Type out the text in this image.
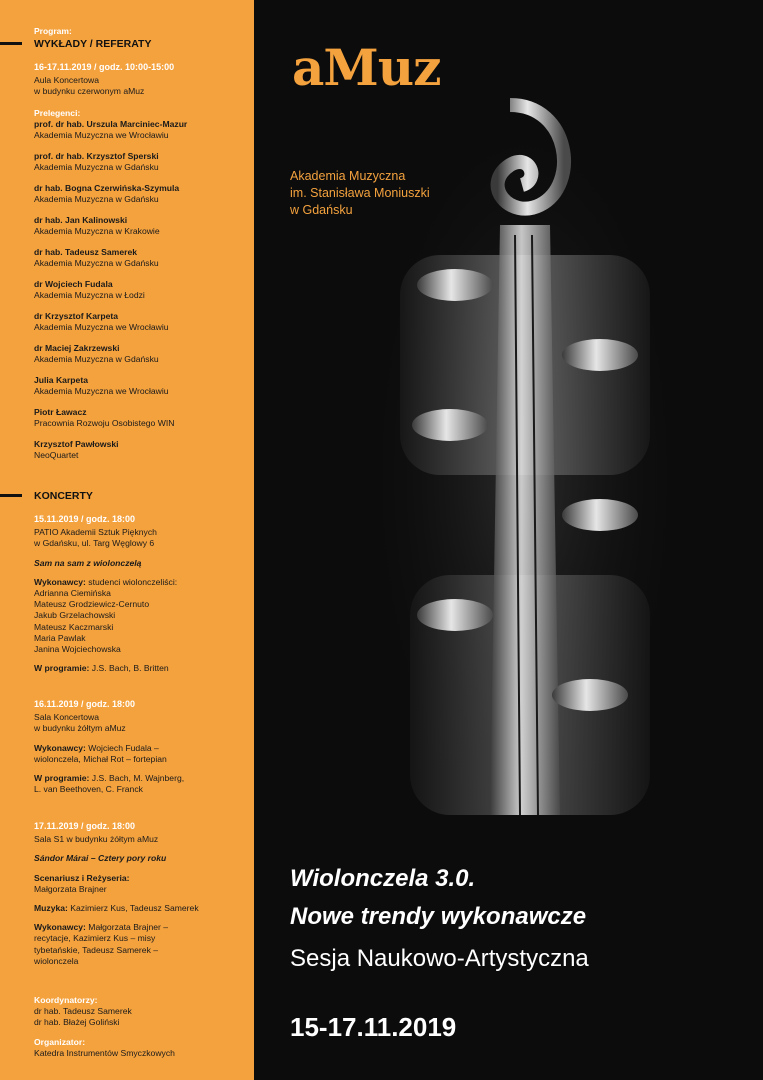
Program:
WYKŁADY / REFERATY
16-17.11.2019 / godz. 10:00-15:00
Aula Koncertowa
w budynku czerwonym aMuz
Prelegenci:
prof. dr hab. Urszula Marciniec-Mazur
Akademia Muzyczna we Wrocławiu
prof. dr hab. Krzysztof Sperski
Akademia Muzyczna w Gdańsku
dr hab. Bogna Czerwińska-Szymula
Akademia Muzyczna w Gdańsku
dr hab. Jan Kalinowski
Akademia Muzyczna w Krakowie
dr hab. Tadeusz Samerek
Akademia Muzyczna w Gdańsku
dr Wojciech Fudala
Akademia Muzyczna w Łodzi
dr Krzysztof Karpeta
Akademia Muzyczna we Wrocławiu
dr Maciej Zakrzewski
Akademia Muzyczna w Gdańsku
Julia Karpeta
Akademia Muzyczna we Wrocławiu
Piotr Ławacz
Pracownia Rozwoju Osobistego WIN
Krzysztof Pawłowski
NeoQuartet
KONCERTY
15.11.2019 / godz. 18:00
PATIO Akademii Sztuk Pięknych
w Gdańsku, ul. Targ Węglowy 6
Sam na sam z wiolonczelą
Wykonawcy: studenci wiolonczeliści:
Adrianna Ciemińska
Mateusz Grodziewicz-Cernuto
Jakub Grzelachowski
Mateusz Kaczmarski
Maria Pawlak
Janina Wojciechowska
W programie: J.S. Bach, B. Britten
16.11.2019 / godz. 18:00
Sala Koncertowa
w budynku żółtym aMuz
Wykonawcy: Wojciech Fudala –
wiolonczela, Michał Rot – fortepian
W programie: J.S. Bach, M. Wajnberg,
L. van Beethoven, C. Franck
17.11.2019 / godz. 18:00
Sala S1 w budynku żółtym aMuz
Sándor Márai – Cztery pory roku
Scenariusz i Reżyseria:
Małgorzata Brajner
Muzyka: Kazimierz Kus, Tadeusz Samerek
Wykonawcy: Małgorzata Brajner –
recytacje, Kazimierz Kus – misy
tybetańskie, Tadeusz Samerek –
wiolonczela
Koordynatorzy:
dr hab. Tadeusz Samerek
dr hab. Błażej Goliński
Organizator:
Katedra Instrumentów Smyczkowych
aMuz
Akademia Muzyczna
im. Stanisława Moniuszki
w Gdańsku
Wiolonczela 3.0.
Nowe trendy wykonawcze
Sesja Naukowo-Artystyczna
15-17.11.2019
